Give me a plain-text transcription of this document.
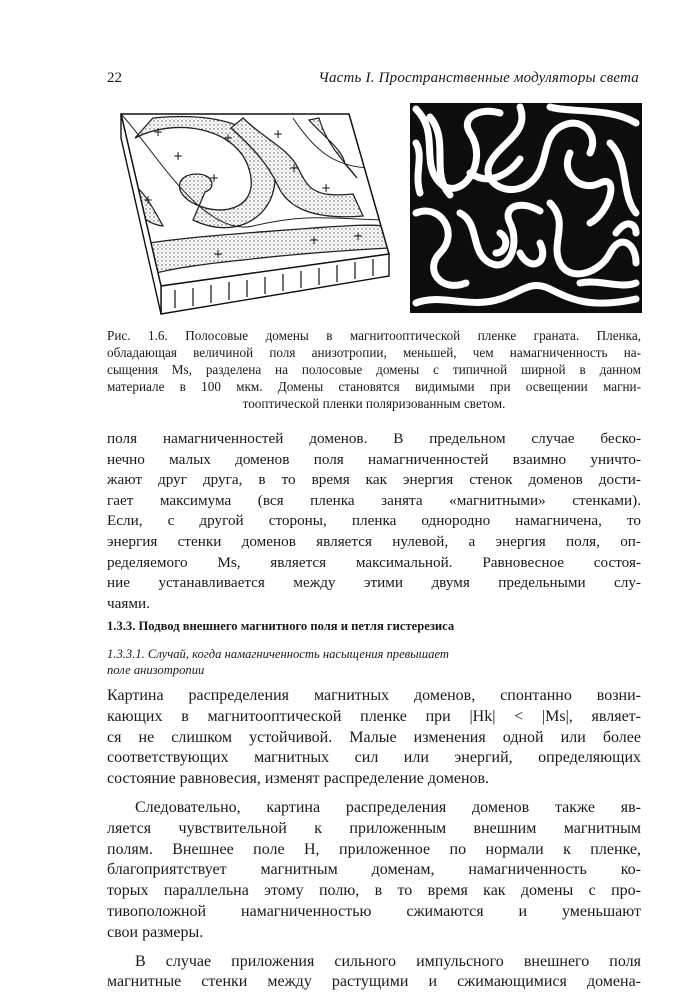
22	Часть I. Пространственные модуляторы света
+	+
+
+
+
+
+
+
+	+
+
Рис. 1.6. Полосовые домены в магнитооптической пленке граната. Пленка,
обладающая величиной поля анизотропии, меньшей, чем намагниченность на-
сыщения Ms, разделена на полосовые домены с типичной ширной в данном
материале в 100 мкм. Домены становятся видимыми при освещении магни-
тооптической пленки поляризованным светом.
поля намагниченностей доменов. В предельном случае беско-
нечно малых доменов поля намагниченностей взаимно уничто-
жают друг друга, в то время как энергия стенок доменов дости-
гает максимума (вся пленка занята «магнитными» стенками).
Если, с другой стороны, пленка однородно намагничена, то
энергия стенки доменов является нулевой, а энергия поля, оп-
ределяемого Ms, является максимальной. Равновесное состоя-
ние устанавливается между этими двумя предельными слу-
чаями.
1.3.3. Подвод внешнего магнитного поля и петля гистерезиса
1.3.3.1. Случай, когда намагниченность насыщения превышает
поле анизотропии
Картина распределения магнитных доменов, спонтанно возни-
кающих в магнитооптической пленке при |Hk| < |Ms|, являет-
ся не слишком устойчивой. Малые изменения одной или более
соответствующих магнитных сил или энергий, определяющих
состояние равновесия, изменят распределение доменов.
Следовательно, картина распределения доменов также яв-
ляется чувствительной к приложенным внешним магнитным
полям. Внешнее поле H, приложенное по нормали к пленке,
благоприятствует магнитным доменам, намагниченность ко-
торых параллельна этому полю, в то время как домены с про-
тивоположной намагниченностью сжимаются и уменьшают
свои размеры.
В случае приложения сильного импульсного внешнего поля
магнитные стенки между растущими и сжимающимися домена-
